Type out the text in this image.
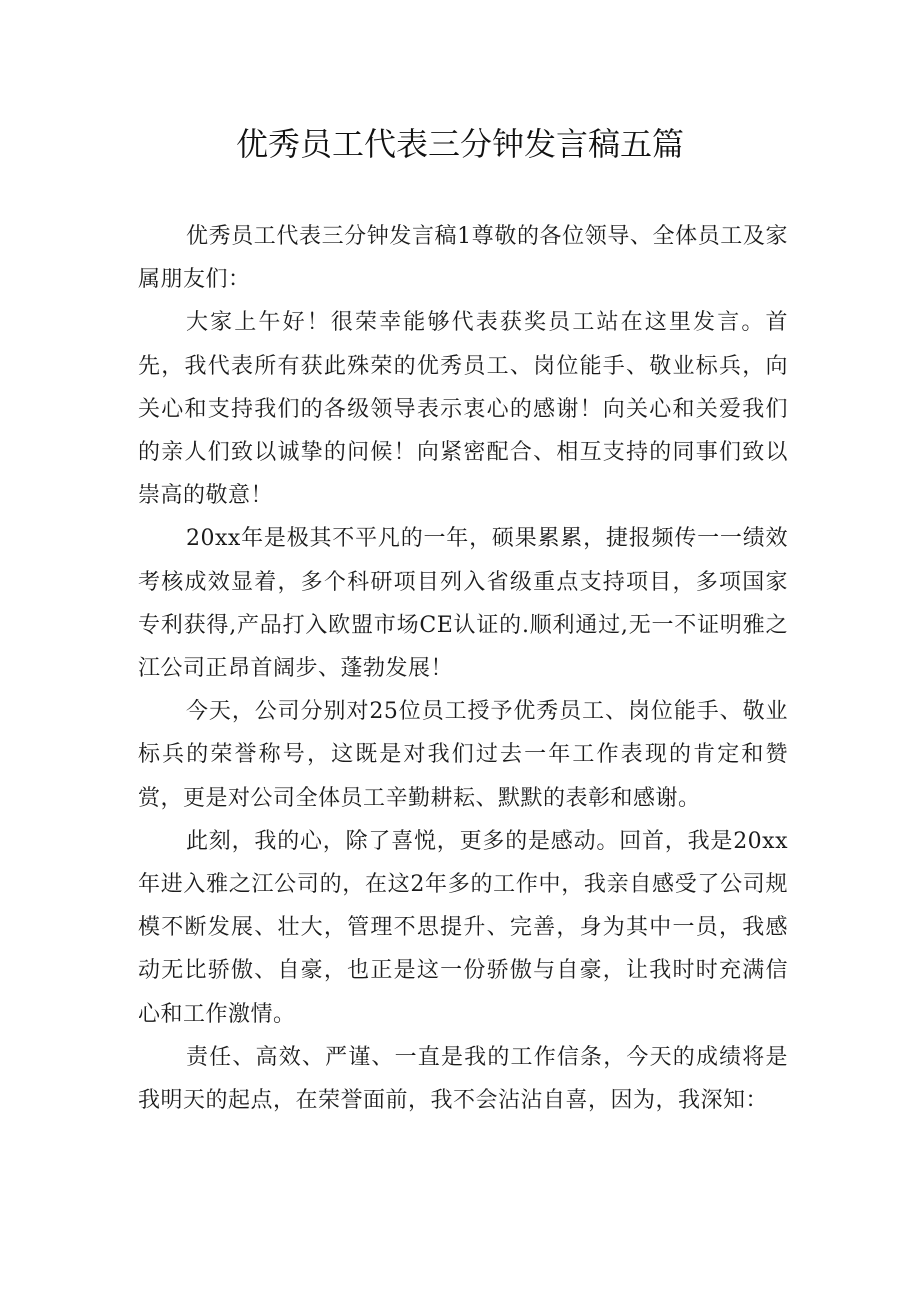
优秀员工代表三分钟发言稿五篇

优秀员工代表三分钟发言稿1尊敬的各位领导、全体员工及家属朋友们：

大家上午好！很荣幸能够代表获奖员工站在这里发言。首先，我代表所有获此殊荣的优秀员工、岗位能手、敬业标兵，向关心和支持我们的各级领导表示衷心的感谢！向关心和关爱我们的亲人们致以诚挚的问候！向紧密配合、相互支持的同事们致以崇高的敬意！

20xx年是极其不平凡的一年，硕果累累，捷报频传一一绩效考核成效显着，多个科研项目列入省级重点支持项目，多项国家专利获得,产品打入欧盟市场CE认证的.顺利通过,无一不证明雅之江公司正昂首阔步、蓬勃发展！

今天，公司分别对25位员工授予优秀员工、岗位能手、敬业标兵的荣誉称号，这既是对我们过去一年工作表现的肯定和赞赏，更是对公司全体员工辛勤耕耘、默默的表彰和感谢。

此刻，我的心，除了喜悦，更多的是感动。回首，我是20xx年进入雅之江公司的，在这2年多的工作中，我亲自感受了公司规模不断发展、壮大，管理不思提升、完善，身为其中一员，我感动无比骄傲、自豪，也正是这一份骄傲与自豪，让我时时充满信心和工作激情。

责任、高效、严谨、一直是我的工作信条，今天的成绩将是我明天的起点，在荣誉面前，我不会沾沾自喜，因为，我深知：
